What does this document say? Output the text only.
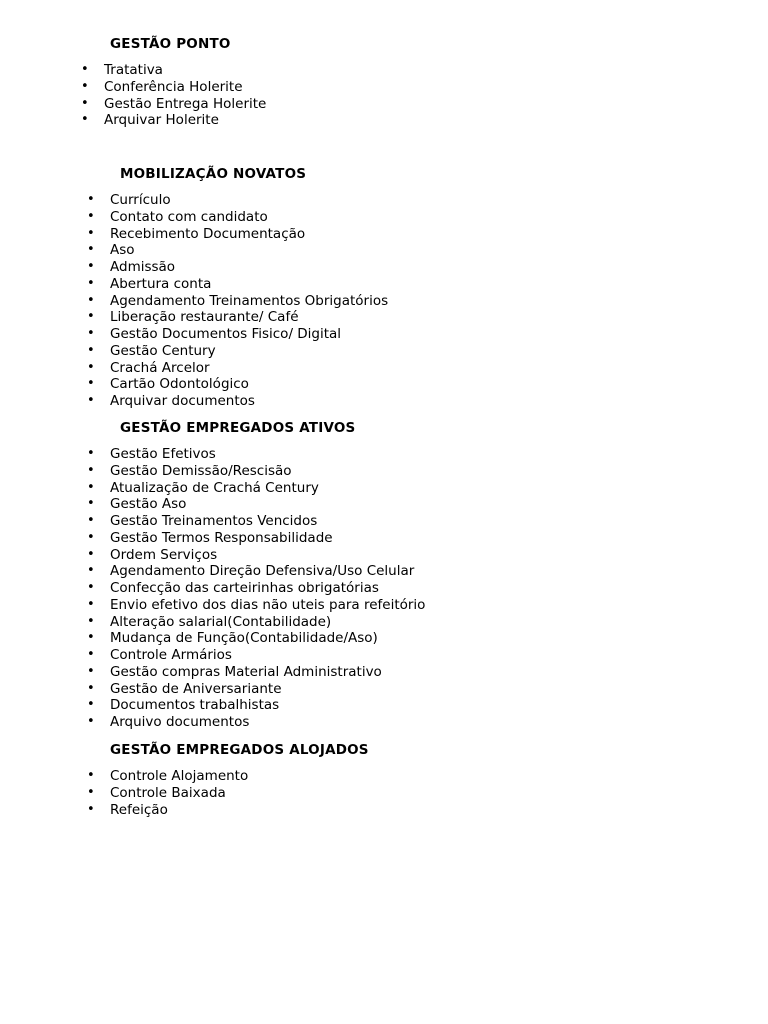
GESTÃO PONTO
• Tratativa
• Conferência Holerite
• Gestão Entrega Holerite
• Arquivar Holerite
MOBILIZAÇÃO NOVATOS
• Currículo
• Contato com candidato
• Recebimento Documentação
• Aso
• Admissão
• Abertura conta
• Agendamento Treinamentos Obrigatórios
• Liberação restaurante/ Café
• Gestão Documentos Fisico/ Digital
• Gestão Century
• Crachá Arcelor
• Cartão Odontológico
• Arquivar documentos
GESTÃO EMPREGADOS ATIVOS
• Gestão Efetivos
• Gestão Demissão/Rescisão
• Atualização de Crachá Century
• Gestão Aso
• Gestão Treinamentos Vencidos
• Gestão Termos Responsabilidade
• Ordem Serviços
• Agendamento Direção Defensiva/Uso Celular
• Confecção das carteirinhas obrigatórias
• Envio efetivo dos dias não uteis para refeitório
• Alteração salarial(Contabilidade)
• Mudança de Função(Contabilidade/Aso)
• Controle Armários
• Gestão compras Material Administrativo
• Gestão de Aniversariante
• Documentos trabalhistas
• Arquivo documentos
GESTÃO EMPREGADOS ALOJADOS
• Controle Alojamento
• Controle Baixada
• Refeição
